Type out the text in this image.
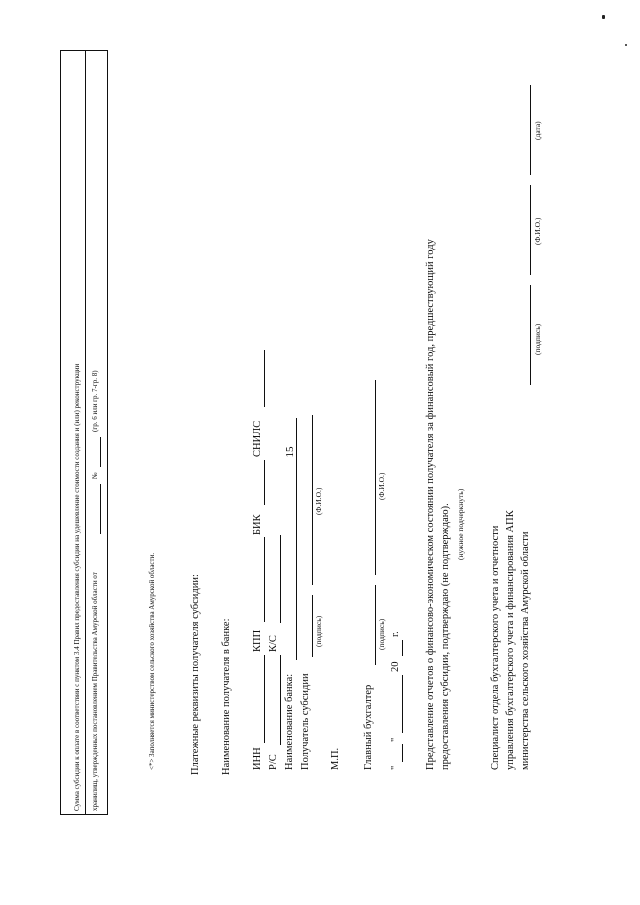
15
Сумма субсидии к оплате в соответствии с пунктом 3.4 Правил предоставления субсидии на удешевление стоимости создания и (или) реконструкции хранилищ, утвержденных постановлением Правительства Амурской области от
№
(гр. 6 или гр. 7-гр. 8)
<*> Заполняется министерством сельского хозяйства Амурской области.	Платежные реквизиты получателя субсидии: Наименование получателя в банке: ИНН
КПП
БИК
СНИЛС
Р/С
К/С
Наименование банка: Получатель субсидии
(подпись)
(Ф.И.О.)
М.П. Главный бухгалтер
(подпись)
(Ф.И.О.)
"
"
20
г. Представление отчетов о финансово-экономическом состоянии получателя за финансовый год, предшествующий году предоставления субсидии, подтверждаю (не подтверждаю). (нужное подчеркнуть)
Специалист отдела бухгалтерского учета и отчетности управления бухгалтерского учета и финансирования АПК министерства сельского хозяйства Амурской области
(подпись)
(Ф.И.О.)
(дата)
